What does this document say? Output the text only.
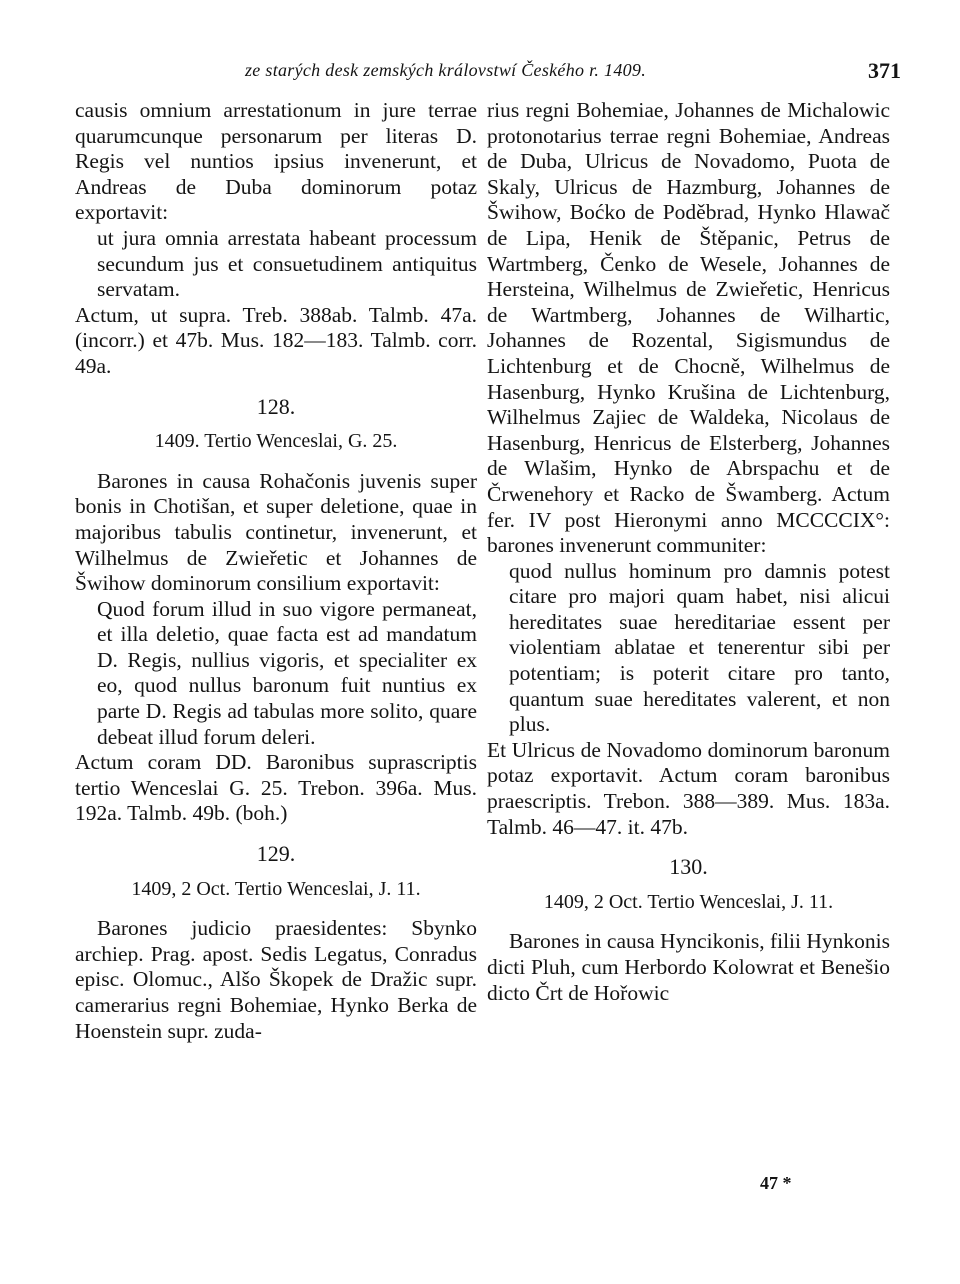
ze starých desk zemských královstwí Českého r. 1409.	371

causis omnium arrestationum in jure terrae quarumcunque personarum per literas D. Regis vel nuntios ipsius invenerunt, et Andreas de Duba dominorum potaz exportavit:

ut jura omnia arrestata habeant processum secundum jus et consuetudinem antiquitus servatam.

Actum, ut supra. Treb. 388ab. Talmb. 47a. (incorr.) et 47b. Mus. 182—183. Talmb. corr. 49a.

128.
1409. Tertio Wenceslai, G. 25.

Barones in causa Rohačonis juvenis super bonis in Chotišan, et super deletione, quae in majoribus tabulis continetur, invenerunt, et Wilhelmus de Zwieřetic et Johannes de Šwihow dominorum consilium exportavit:

Quod forum illud in suo vigore permaneat, et illa deletio, quae facta est ad mandatum D. Regis, nullius vigoris, et specialiter ex eo, quod nullus baronum fuit nuntius ex parte D. Regis ad tabulas more solito, quare debeat illud forum deleri.

Actum coram DD. Baronibus suprascriptis tertio Wenceslai G. 25. Trebon. 396a. Mus. 192a. Talmb. 49b. (boh.)

129.
1409, 2 Oct. Tertio Wenceslai, J. 11.

Barones judicio praesidentes: Sbynko archiep. Prag. apost. Sedis Legatus, Conradus episc. Olomuc., Alšo Škopek de Dražic supr. camerarius regni Bohemiae, Hynko Berka de Hoenstein supr. zuda-

rius regni Bohemiae, Johannes de Michalowic protonotarius terrae regni Bohemiae, Andreas de Duba, Ulricus de Novadomo, Puota de Skaly, Ulricus de Hazmburg, Johannes de Šwihow, Boćko de Poděbrad, Hynko Hlawač de Lipa, Henik de Štěpanic, Petrus de Wartmberg, Čenko de Wesele, Johannes de Hersteina, Wilhelmus de Zwieřetic, Henricus de Wartmberg, Johannes de Wilhartic, Johannes de Rozental, Sigismundus de Lichtenburg et de Chocně, Wilhelmus de Hasenburg, Hynko Krušina de Lichtenburg, Wilhelmus Zajiec de Waldeka, Nicolaus de Hasenburg, Henricus de Elsterberg, Johannes de Wlašim, Hynko de Abrspachu et de Črwenehory et Racko de Šwamberg. Actum fer. IV post Hieronymi anno MCCCCIX°: barones invenerunt communiter:

quod nullus hominum pro damnis potest citare pro majori quam habet, nisi alicui hereditates suae hereditariae essent per violentiam ablatae et tenerentur sibi per potentiam; is poterit citare pro tanto, quantum suae hereditates valerent, et non plus.

Et Ulricus de Novadomo dominorum baronum potaz exportavit. Actum coram baronibus praescriptis. Trebon. 388—389. Mus. 183a. Talmb. 46—47. it. 47b.

130.
1409, 2 Oct. Tertio Wenceslai, J. 11.

Barones in causa Hyncikonis, filii Hynkonis dicti Pluh, cum Herbordo Kolowrat et Benešio dicto Črt de Hořowic

47 *
